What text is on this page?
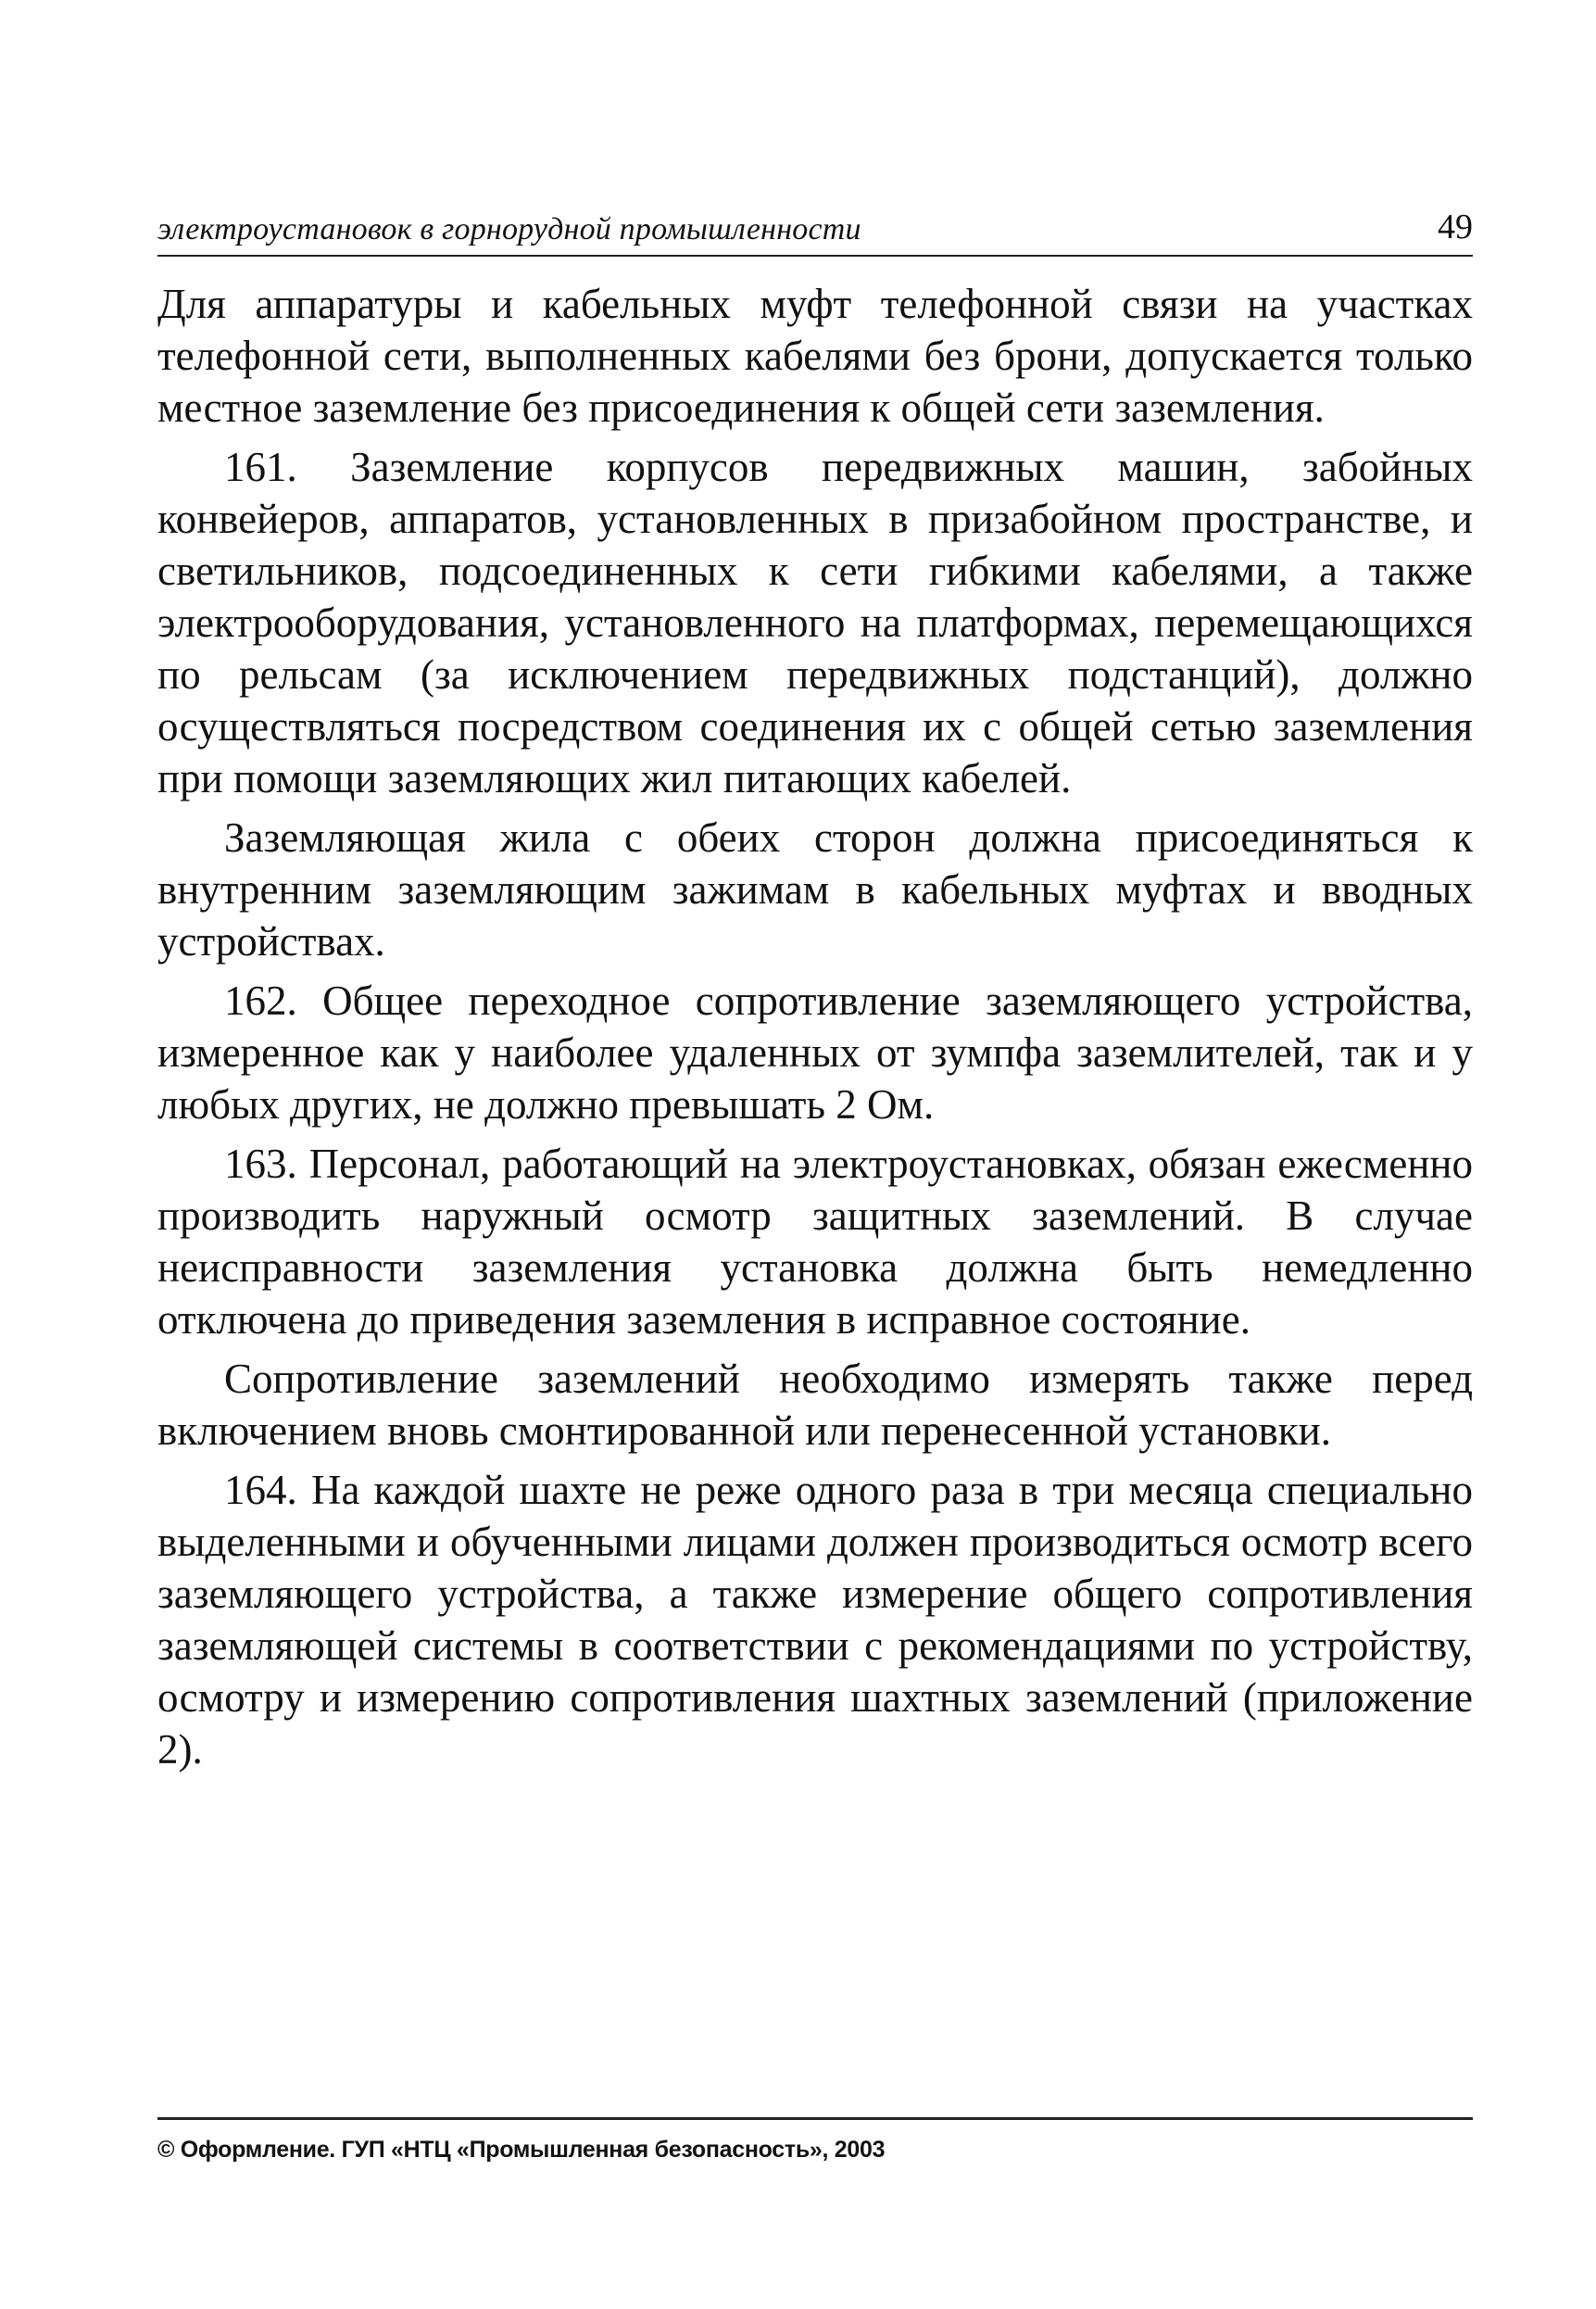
электроустановок в горнорудной промышленности	49

Для аппаратуры и кабельных муфт телефонной связи на участках телефонной сети, выполненных кабелями без брони, допускается только местное заземление без присоединения к общей сети заземления.

161. Заземление корпусов передвижных машин, забойных конвейеров, аппаратов, установленных в призабойном пространстве, и светильников, подсоединенных к сети гибкими кабелями, а также электрооборудования, установленного на платформах, перемещающихся по рельсам (за исключением передвижных подстанций), должно осуществляться посредством соединения их с общей сетью заземления при помощи заземляющих жил питающих кабелей.

Заземляющая жила с обеих сторон должна присоединяться к внутренним заземляющим зажимам в кабельных муфтах и вводных устройствах.

162. Общее переходное сопротивление заземляющего устройства, измеренное как у наиболее удаленных от зумпфа заземлителей, так и у любых других, не должно превышать 2 Ом.

163. Персонал, работающий на электроустановках, обязан ежесменно производить наружный осмотр защитных заземлений. В случае неисправности заземления установка должна быть немедленно отключена до приведения заземления в исправное состояние.

Сопротивление заземлений необходимо измерять также перед включением вновь смонтированной или перенесенной установки.

164. На каждой шахте не реже одного раза в три месяца специально выделенными и обученными лицами должен производиться осмотр всего заземляющего устройства, а также измерение общего сопротивления заземляющей системы в соответствии с рекомендациями по устройству, осмотру и измерению сопротивления шахтных заземлений (приложение 2).

© Оформление. ГУП «НТЦ «Промышленная безопасность», 2003
